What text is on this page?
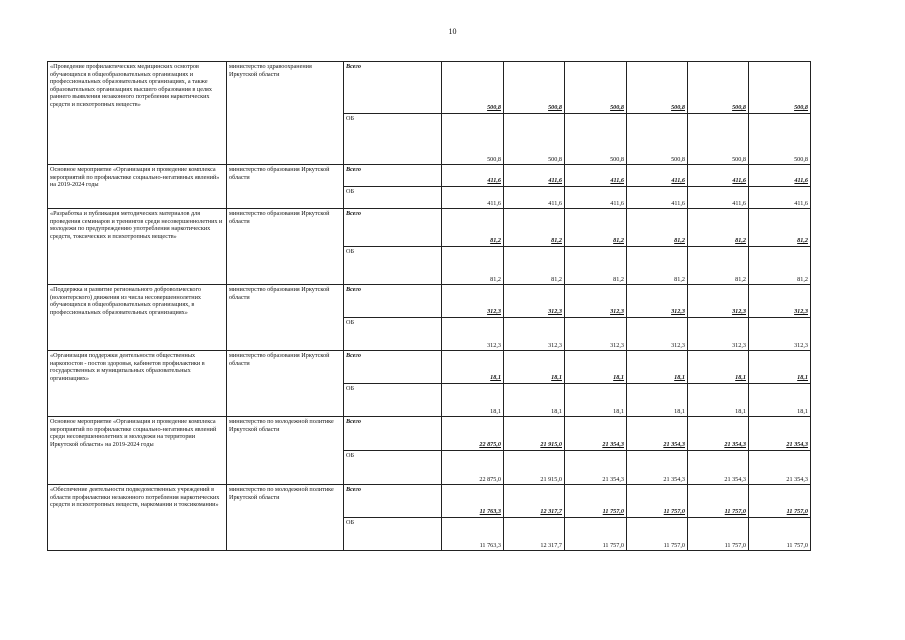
10
«Проведение профилактических медицинских осмотров обучающихся в общеобразовательных организациях и профессиональных образовательных организациях, а также образовательных организациях высшего образования в целях раннего выявления незаконного потребления наркотических средств и психотропных веществ»	министерство здравоохранения Иркутской области	Всего	500,8	500,8	500,8	500,8	500,8	500,8
		ОБ	500,8	500,8	500,8	500,8	500,8	500,8
Основное мероприятие «Организация и проведение комплекса мероприятий по профилактике социально-негативных явлений» на 2019-2024 годы	министерство образования Иркутской области	Всего	411,6	411,6	411,6	411,6	411,6	411,6
		ОБ	411,6	411,6	411,6	411,6	411,6	411,6
«Разработка и публикация методических материалов для проведения семинаров и тренингов среди несовершеннолетних и молодежи по предупреждению употребления наркотических средств, токсических и психотропных веществ»	министерство образования Иркутской области	Всего	81,2	81,2	81,2	81,2	81,2	81,2
		ОБ	81,2	81,2	81,2	81,2	81,2	81,2
«Поддержка и развитие регионального добровольческого (волонтерского) движения из числа несовершеннолетних обучающихся в общеобразовательных организациях, в профессиональных образовательных организациях»	министерство образования Иркутской области	Всего	312,3	312,3	312,3	312,3	312,3	312,3
		ОБ	312,3	312,3	312,3	312,3	312,3	312,3
«Организация поддержки деятельности общественных наркопостов - постов здоровья, кабинетов профилактики в государственных и муниципальных образовательных организациях»	министерство образования Иркутской области	Всего	18,1	18,1	18,1	18,1	18,1	18,1
		ОБ	18,1	18,1	18,1	18,1	18,1	18,1
Основное мероприятие «Организация и проведение комплекса мероприятий по профилактике социально-негативных явлений среди несовершеннолетних и молодежи на территории Иркутской области» на 2019-2024 годы	министерство по молодежной политике Иркутской области	Всего	22 875,0	21 915,0	21 354,3	21 354,3	21 354,3	21 354,3
		ОБ	22 875,0	21 915,0	21 354,3	21 354,3	21 354,3	21 354,3
«Обеспечение деятельности подведомственных учреждений в области профилактики незаконного потребления наркотических средств и психотропных веществ, наркомании и токсикомании»	министерство по молодежной политике Иркутской области	Всего	11 763,3	12 317,7	11 757,0	11 757,0	11 757,0	11 757,0
		ОБ	11 763,3	12 317,7	11 757,0	11 757,0	11 757,0	11 757,0
